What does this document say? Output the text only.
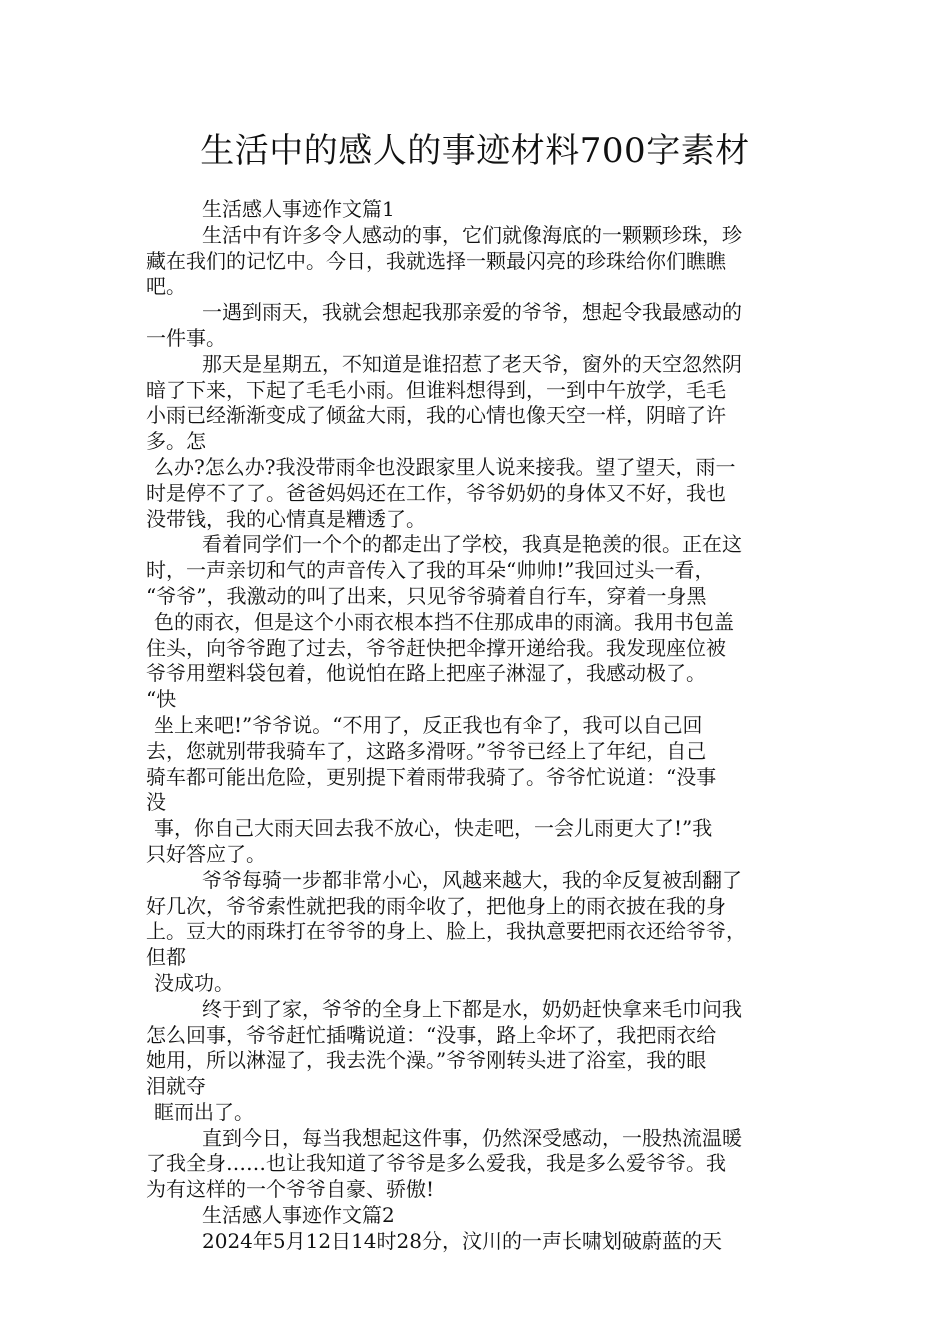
生活中的感人的事迹材料700字素材
生活感人事迹作文篇1
生活中有许多令人感动的事，它们就像海底的一颗颗珍珠，珍
藏在我们的记忆中。今日，我就选择一颗最闪亮的珍珠给你们瞧瞧
吧。
一遇到雨天，我就会想起我那亲爱的爷爷，想起令我最感动的
一件事。
那天是星期五，不知道是谁招惹了老天爷，窗外的天空忽然阴
暗了下来，下起了毛毛小雨。但谁料想得到，一到中午放学，毛毛
小雨已经渐渐变成了倾盆大雨，我的心情也像天空一样，阴暗了许
多。怎
么办?怎么办?我没带雨伞也没跟家里人说来接我。望了望天，雨一
时是停不了了。爸爸妈妈还在工作，爷爷奶奶的身体又不好，我也
没带钱，我的心情真是糟透了。
看着同学们一个个的都走出了学校，我真是艳羡的很。正在这
时，一声亲切和气的声音传入了我的耳朵“帅帅!”我回过头一看，
“爷爷”，我激动的叫了出来，只见爷爷骑着自行车，穿着一身黑
色的雨衣，但是这个小雨衣根本挡不住那成串的雨滴。我用书包盖
住头，向爷爷跑了过去，爷爷赶快把伞撑开递给我。我发现座位被
爷爷用塑料袋包着，他说怕在路上把座子淋湿了，我感动极了。
“快
坐上来吧!”爷爷说。“不用了，反正我也有伞了，我可以自己回
去，您就别带我骑车了，这路多滑呀。”爷爷已经上了年纪，自己
骑车都可能出危险，更别提下着雨带我骑了。爷爷忙说道：“没事
没
事，你自己大雨天回去我不放心，快走吧，一会儿雨更大了!”我
只好答应了。
爷爷每骑一步都非常小心，风越来越大，我的伞反复被刮翻了
好几次，爷爷索性就把我的雨伞收了，把他身上的雨衣披在我的身
上。豆大的雨珠打在爷爷的身上、脸上，我执意要把雨衣还给爷爷，
但都
没成功。
终于到了家，爷爷的全身上下都是水，奶奶赶快拿来毛巾问我
怎么回事，爷爷赶忙插嘴说道：“没事，路上伞坏了，我把雨衣给
她用，所以淋湿了，我去洗个澡。”爷爷刚转头进了浴室，我的眼
泪就夺
眶而出了。
直到今日，每当我想起这件事，仍然深受感动，一股热流温暖
了我全身……也让我知道了爷爷是多么爱我，我是多么爱爷爷。我
为有这样的一个爷爷自豪、骄傲!
生活感人事迹作文篇2
2024年5月12日14时28分，汶川的一声长啸划破蔚蓝的天
